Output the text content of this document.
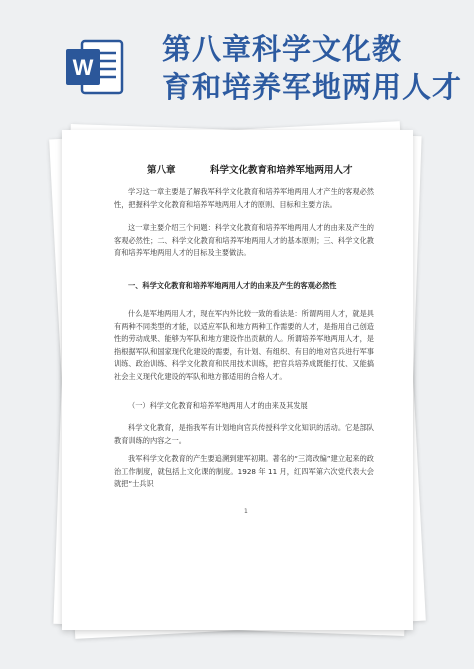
W
第八章科学文化教
育和培养军地两用人才
第八章	科学文化教育和培养军地两用人才
学习这一章主要是了解我军科学文化教育和培养军地两用人才产生的客观必然性，把握科学文化教育和培养军地两用人才的原则、目标和主要方法。
这一章主要介绍三个问题：科学文化教育和培养军地两用人才的由来及产生的客观必然性；二、科学文化教育和培养军地两用人才的基本原则；三、科学文化教育和培养军地两用人才的目标及主要做法。
一、科学文化教育和培养军地两用人才的由来及产生的客观必然性
什么是军地两用人才，现在军内外比较一致的看法是：所谓两用人才，就是具有两种不同类型的才能，以适应军队和地方两种工作需要的人才，是指用自己创造性的劳动成果、能够为军队和地方建设作出贡献的人。所谓培养军地两用人才，是指根据军队和国家现代化建设的需要，有计划、有组织、有目的地对官兵进行军事训练、政治训练、科学文化教育和民用技术训练，把官兵培养成既能打仗、又能搞社会主义现代化建设的军队和地方都适用的合格人才。
（一）科学文化教育和培养军地两用人才的由来及其发展
科学文化教育，是指我军有计划地向官兵传授科学文化知识的活动。它是部队教育训练的内容之一。
我军科学文化教育的产生要追溯到建军初期。著名的“三湾改编”建立起来的政治工作制度，就包括上文化课的制度。1928 年 11 月，红四军第六次党代表大会就把“士兵识
1
